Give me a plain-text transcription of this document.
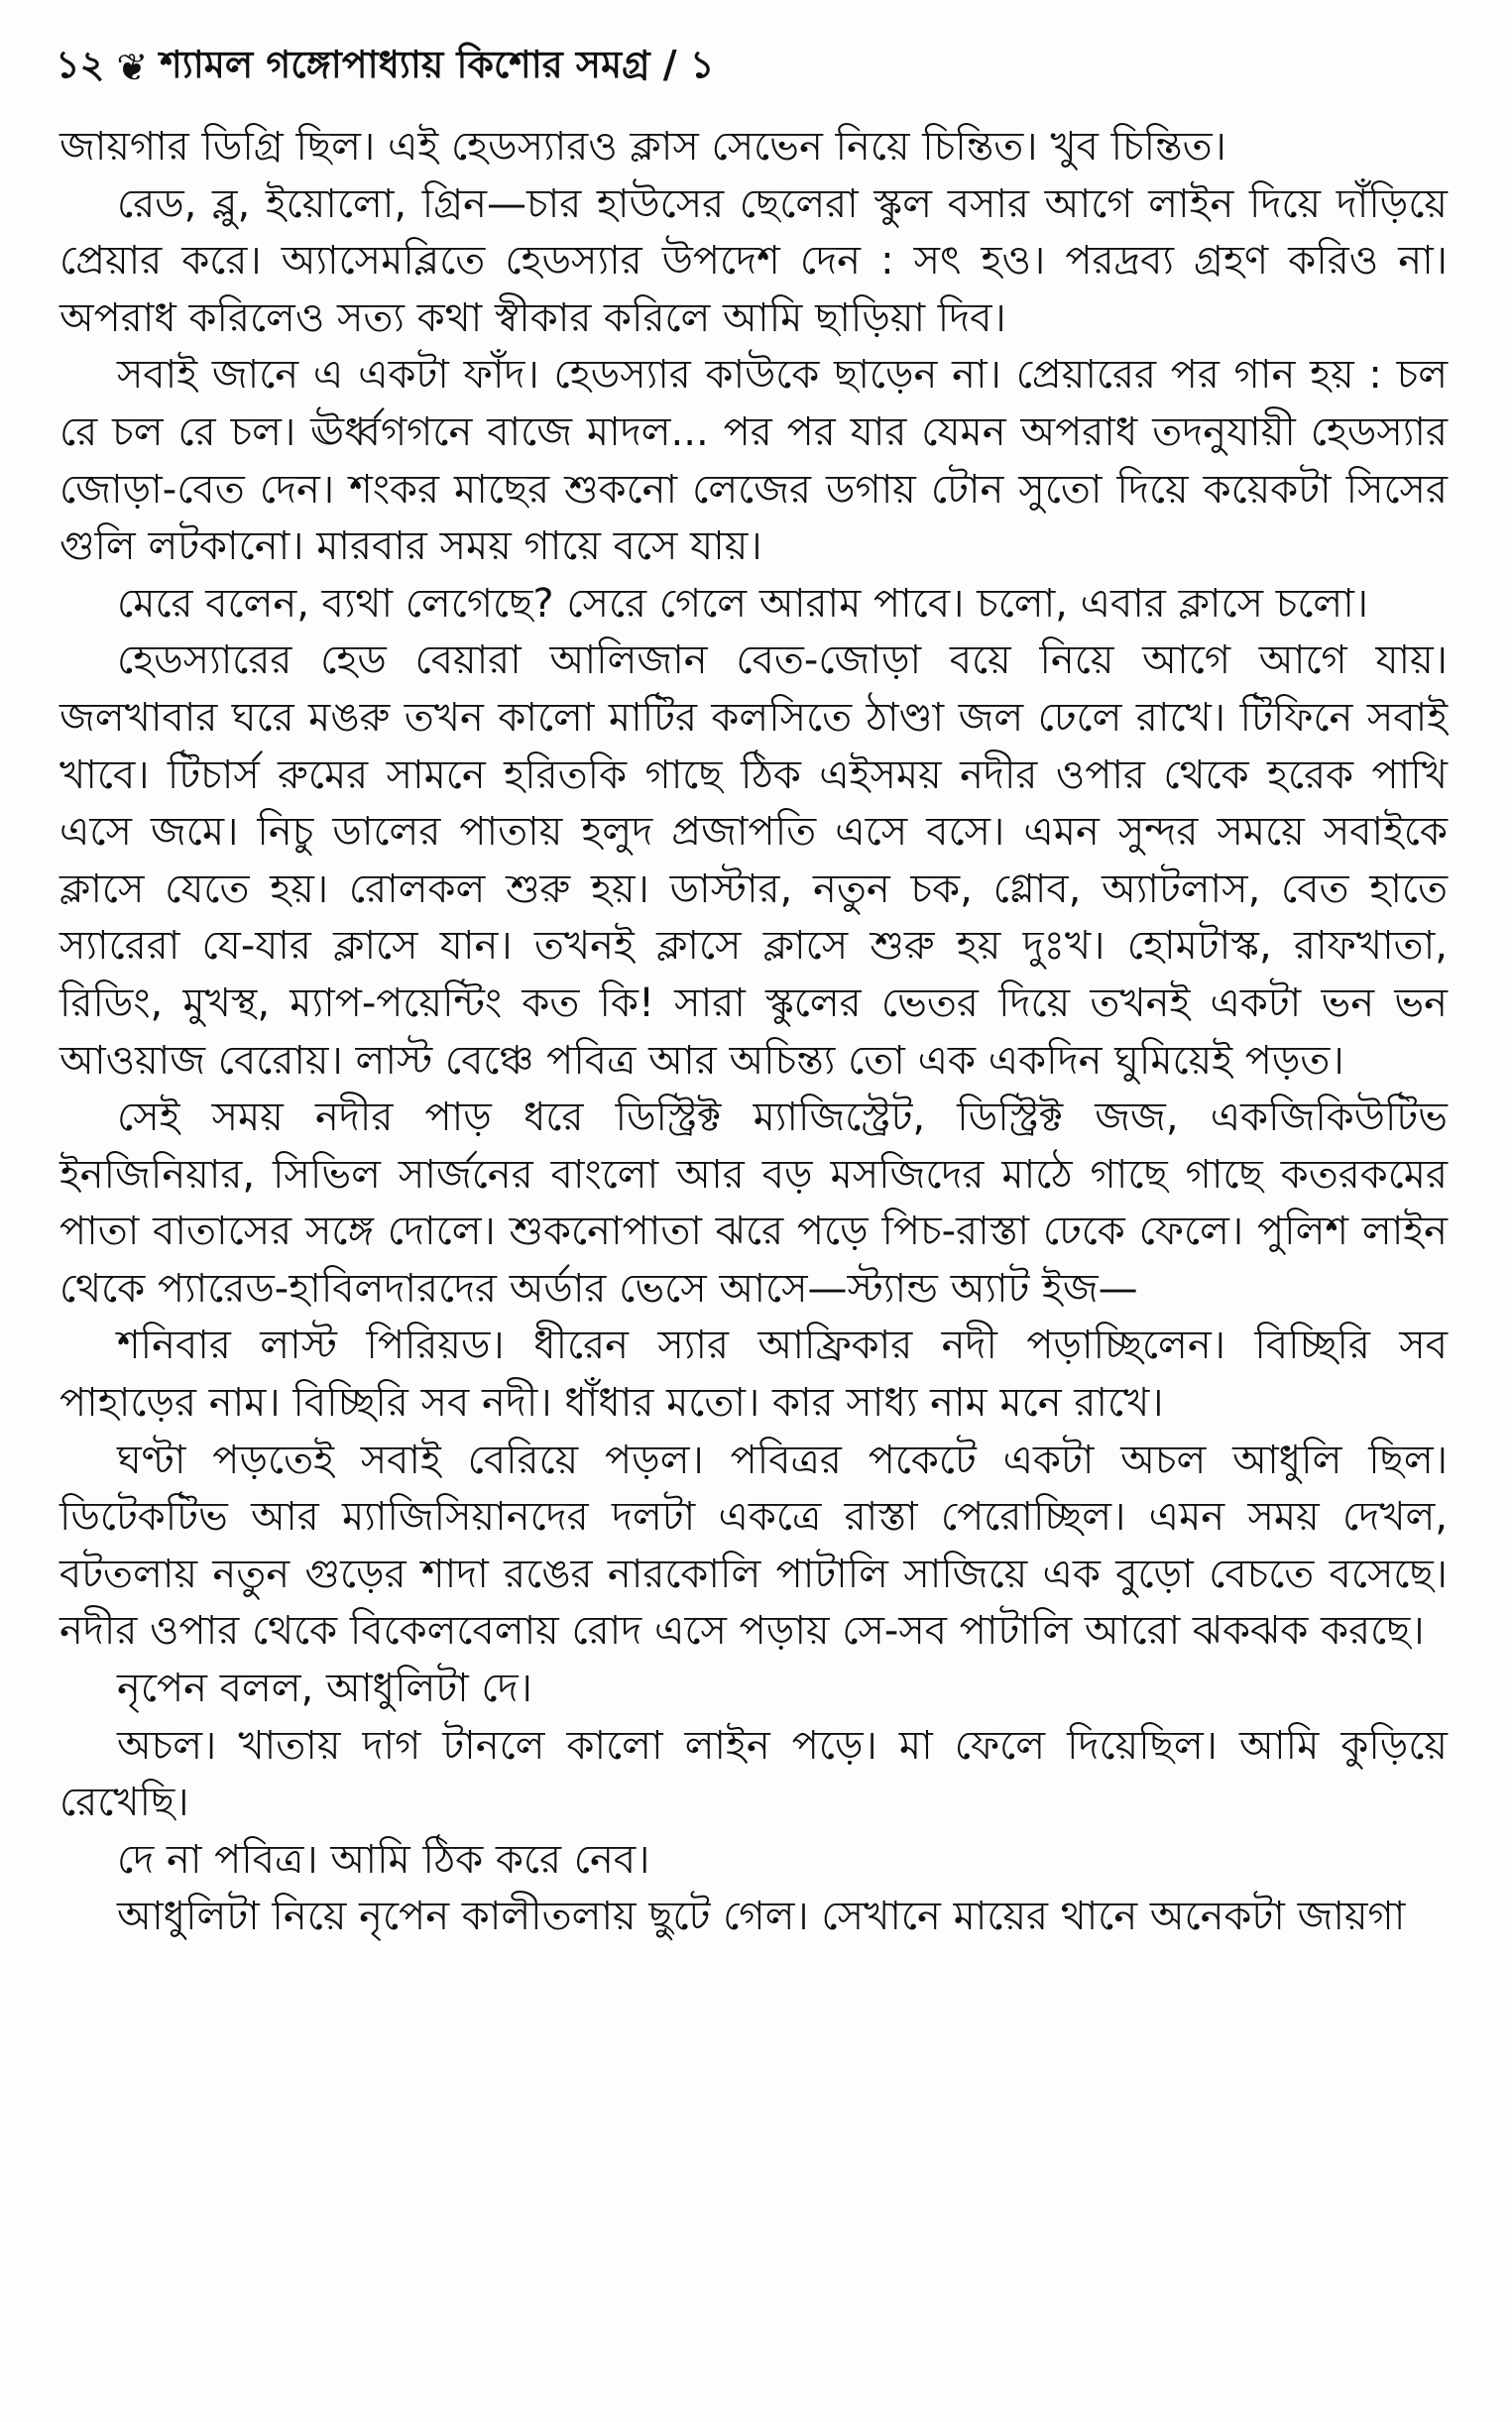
১২ ❦ শ্যামল গঙ্গোপাধ্যায় কিশোর সমগ্র / ১

জায়গার ডিগ্রি ছিল। এই হেডস্যারও ক্লাস সেভেন নিয়ে চিন্তিত। খুব চিন্তিত।

রেড, ব্লু, ইয়োলো, গ্রিন—চার হাউসের ছেলেরা স্কুল বসার আগে লাইন দিয়ে দাঁড়িয়ে প্রেয়ার করে। অ্যাসেমব্লিতে হেডস্যার উপদেশ দেন : সৎ হও। পরদ্রব্য গ্রহণ করিও না। অপরাধ করিলেও সত্য কথা স্বীকার করিলে আমি ছাড়িয়া দিব।

সবাই জানে এ একটা ফাঁদ। হেডস্যার কাউকে ছাড়েন না। প্রেয়ারের পর গান হয় : চল রে চল রে চল। ঊর্ধ্বগগনে বাজে মাদল... পর পর যার যেমন অপরাধ তদনুযায়ী হেডস্যার জোড়া-বেত দেন। শংকর মাছের শুকনো লেজের ডগায় টোন সুতো দিয়ে কয়েকটা সিসের গুলি লটকানো। মারবার সময় গায়ে বসে যায়।

মেরে বলেন, ব্যথা লেগেছে? সেরে গেলে আরাম পাবে। চলো, এবার ক্লাসে চলো।

হেডস্যারের হেড বেয়ারা আলিজান বেত-জোড়া বয়ে নিয়ে আগে আগে যায়। জলখাবার ঘরে মঙরু তখন কালো মাটির কলসিতে ঠাণ্ডা জল ঢেলে রাখে। টিফিনে সবাই খাবে। টিচার্স রুমের সামনে হরিতকি গাছে ঠিক এইসময় নদীর ওপার থেকে হরেক পাখি এসে জমে। নিচু ডালের পাতায় হলুদ প্রজাপতি এসে বসে। এমন সুন্দর সময়ে সবাইকে ক্লাসে যেতে হয়। রোলকল শুরু হয়। ডাস্টার, নতুন চক, গ্লোব, অ্যাটলাস, বেত হাতে স্যারেরা যে-যার ক্লাসে যান। তখনই ক্লাসে ক্লাসে শুরু হয় দুঃখ। হোমটাস্ক, রাফখাতা, রিডিং, মুখস্থ, ম্যাপ-পয়েন্টিং কত কি! সারা স্কুলের ভেতর দিয়ে তখনই একটা ভন ভন আওয়াজ বেরোয়। লাস্ট বেঞ্চে পবিত্র আর অচিন্ত্য তো এক একদিন ঘুমিয়েই পড়ত।

সেই সময় নদীর পাড় ধরে ডিস্ট্রিক্ট ম্যাজিস্ট্রেট, ডিস্ট্রিক্ট জজ, একজিকিউটিভ ইনজিনিয়ার, সিভিল সার্জনের বাংলো আর বড় মসজিদের মাঠে গাছে গাছে কতরকমের পাতা বাতাসের সঙ্গে দোলে। শুকনোপাতা ঝরে পড়ে পিচ-রাস্তা ঢেকে ফেলে। পুলিশ লাইন থেকে প্যারেড-হাবিলদারদের অর্ডার ভেসে আসে—স্ট্যান্ড অ্যাট ইজ—

শনিবার লাস্ট পিরিয়ড। ধীরেন স্যার আফ্রিকার নদী পড়াচ্ছিলেন। বিচ্ছিরি সব পাহাড়ের নাম। বিচ্ছিরি সব নদী। ধাঁধার মতো। কার সাধ্য নাম মনে রাখে।

ঘণ্টা পড়তেই সবাই বেরিয়ে পড়ল। পবিত্রর পকেটে একটা অচল আধুলি ছিল। ডিটেকটিভ আর ম্যাজিসিয়ানদের দলটা একত্রে রাস্তা পেরোচ্ছিল। এমন সময় দেখল, বটতলায় নতুন গুড়ের শাদা রঙের নারকোলি পাটালি সাজিয়ে এক বুড়ো বেচতে বসেছে। নদীর ওপার থেকে বিকেলবেলায় রোদ এসে পড়ায় সে-সব পাটালি আরো ঝকঝক করছে।

নৃপেন বলল, আধুলিটা দে।

অচল। খাতায় দাগ টানলে কালো লাইন পড়ে। মা ফেলে দিয়েছিল। আমি কুড়িয়ে রেখেছি।

দে না পবিত্র। আমি ঠিক করে নেব।

আধুলিটা নিয়ে নৃপেন কালীতলায় ছুটে গেল। সেখানে মায়ের থানে অনেকটা জায়গা
